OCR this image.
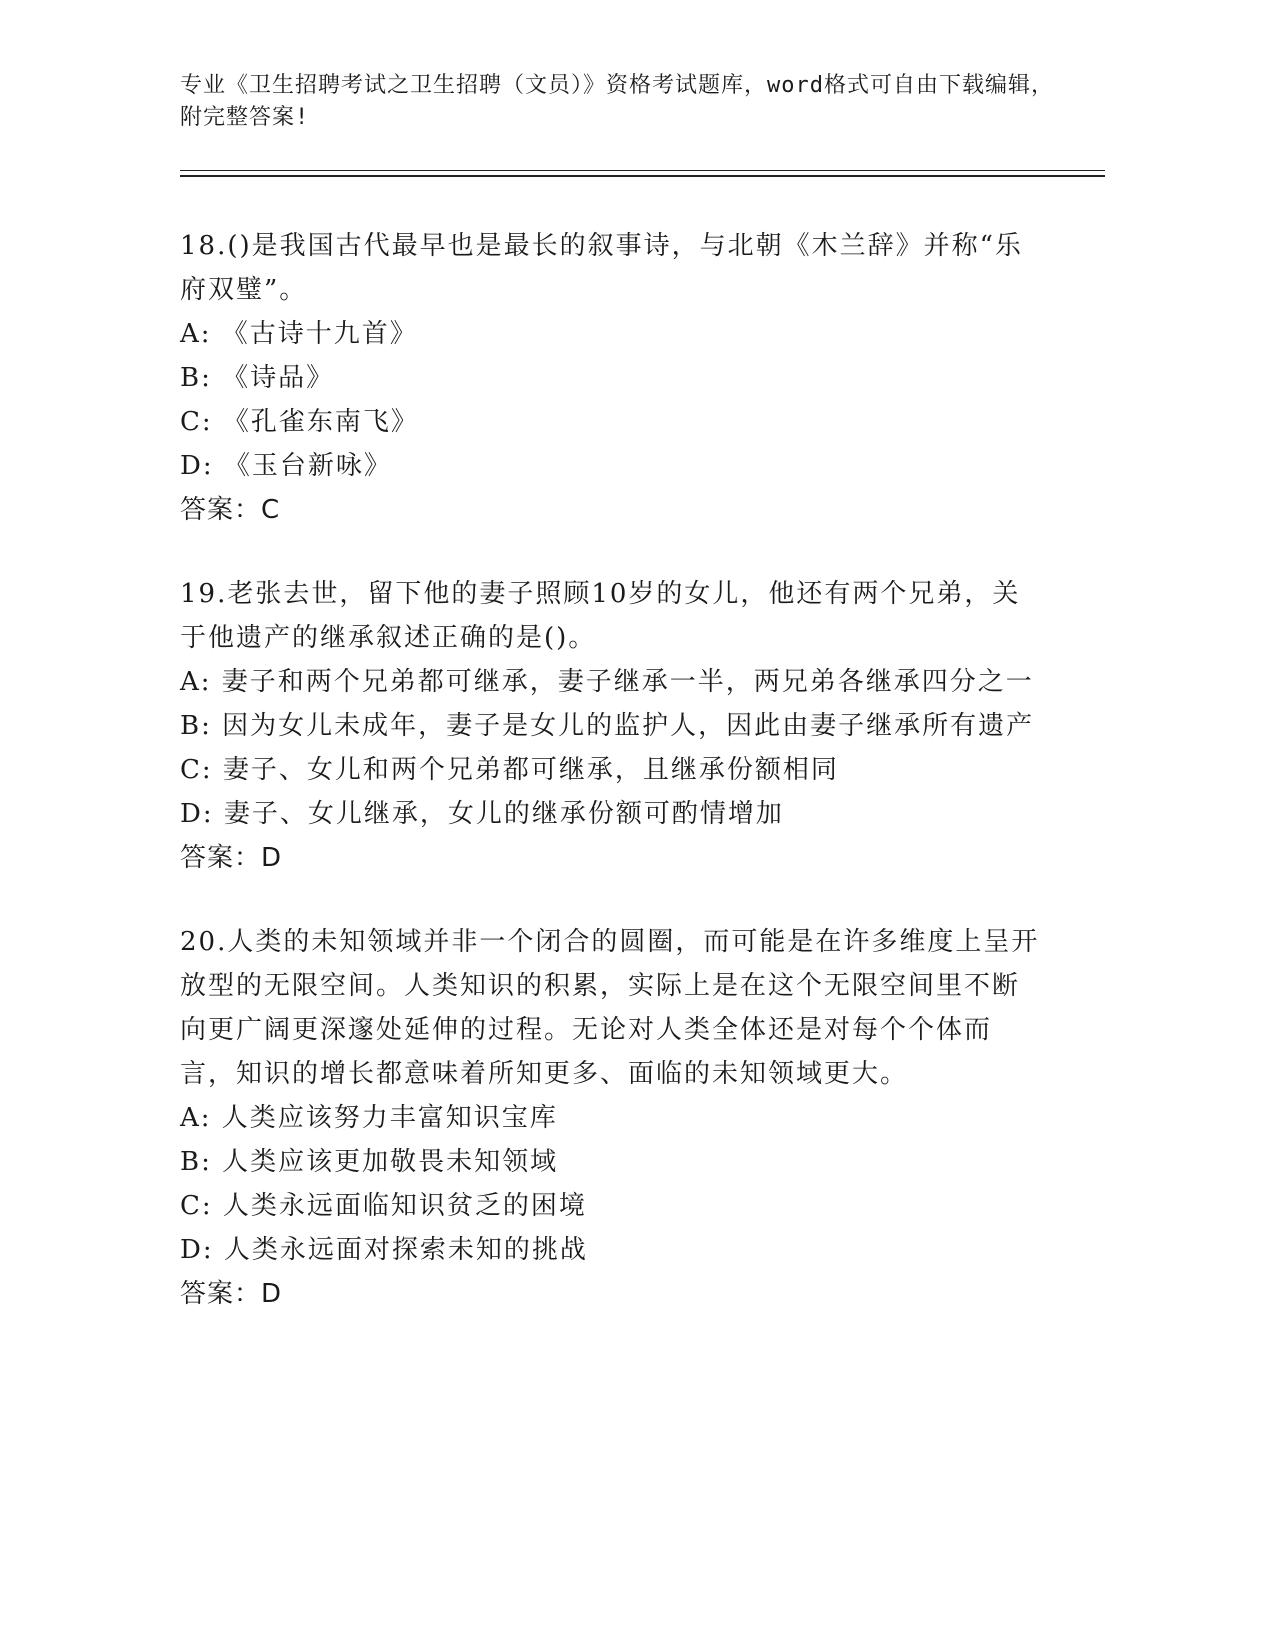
专业《卫生招聘考试之卫生招聘（文员）》资格考试题库，word格式可自由下载编辑，附完整答案!

18.()是我国古代最早也是最长的叙事诗，与北朝《木兰辞》并称“乐府双璧”。

A: 《古诗十九首》

B: 《诗品》

C: 《孔雀东南飞》

D: 《玉台新咏》

答案：C

19.老张去世，留下他的妻子照顾10岁的女儿，他还有两个兄弟，关于他遗产的继承叙述正确的是()。

A: 妻子和两个兄弟都可继承，妻子继承一半，两兄弟各继承四分之一

B: 因为女儿未成年，妻子是女儿的监护人，因此由妻子继承所有遗产

C: 妻子、女儿和两个兄弟都可继承，且继承份额相同

D: 妻子、女儿继承，女儿的继承份额可酌情增加

答案：D

20.人类的未知领域并非一个闭合的圆圈，而可能是在许多维度上呈开放型的无限空间。人类知识的积累，实际上是在这个无限空间里不断向更广阔更深邃处延伸的过程。无论对人类全体还是对每个个体而言，知识的增长都意味着所知更多、面临的未知领域更大。

A: 人类应该努力丰富知识宝库

B: 人类应该更加敬畏未知领域

C: 人类永远面临知识贫乏的困境

D: 人类永远面对探索未知的挑战

答案：D
